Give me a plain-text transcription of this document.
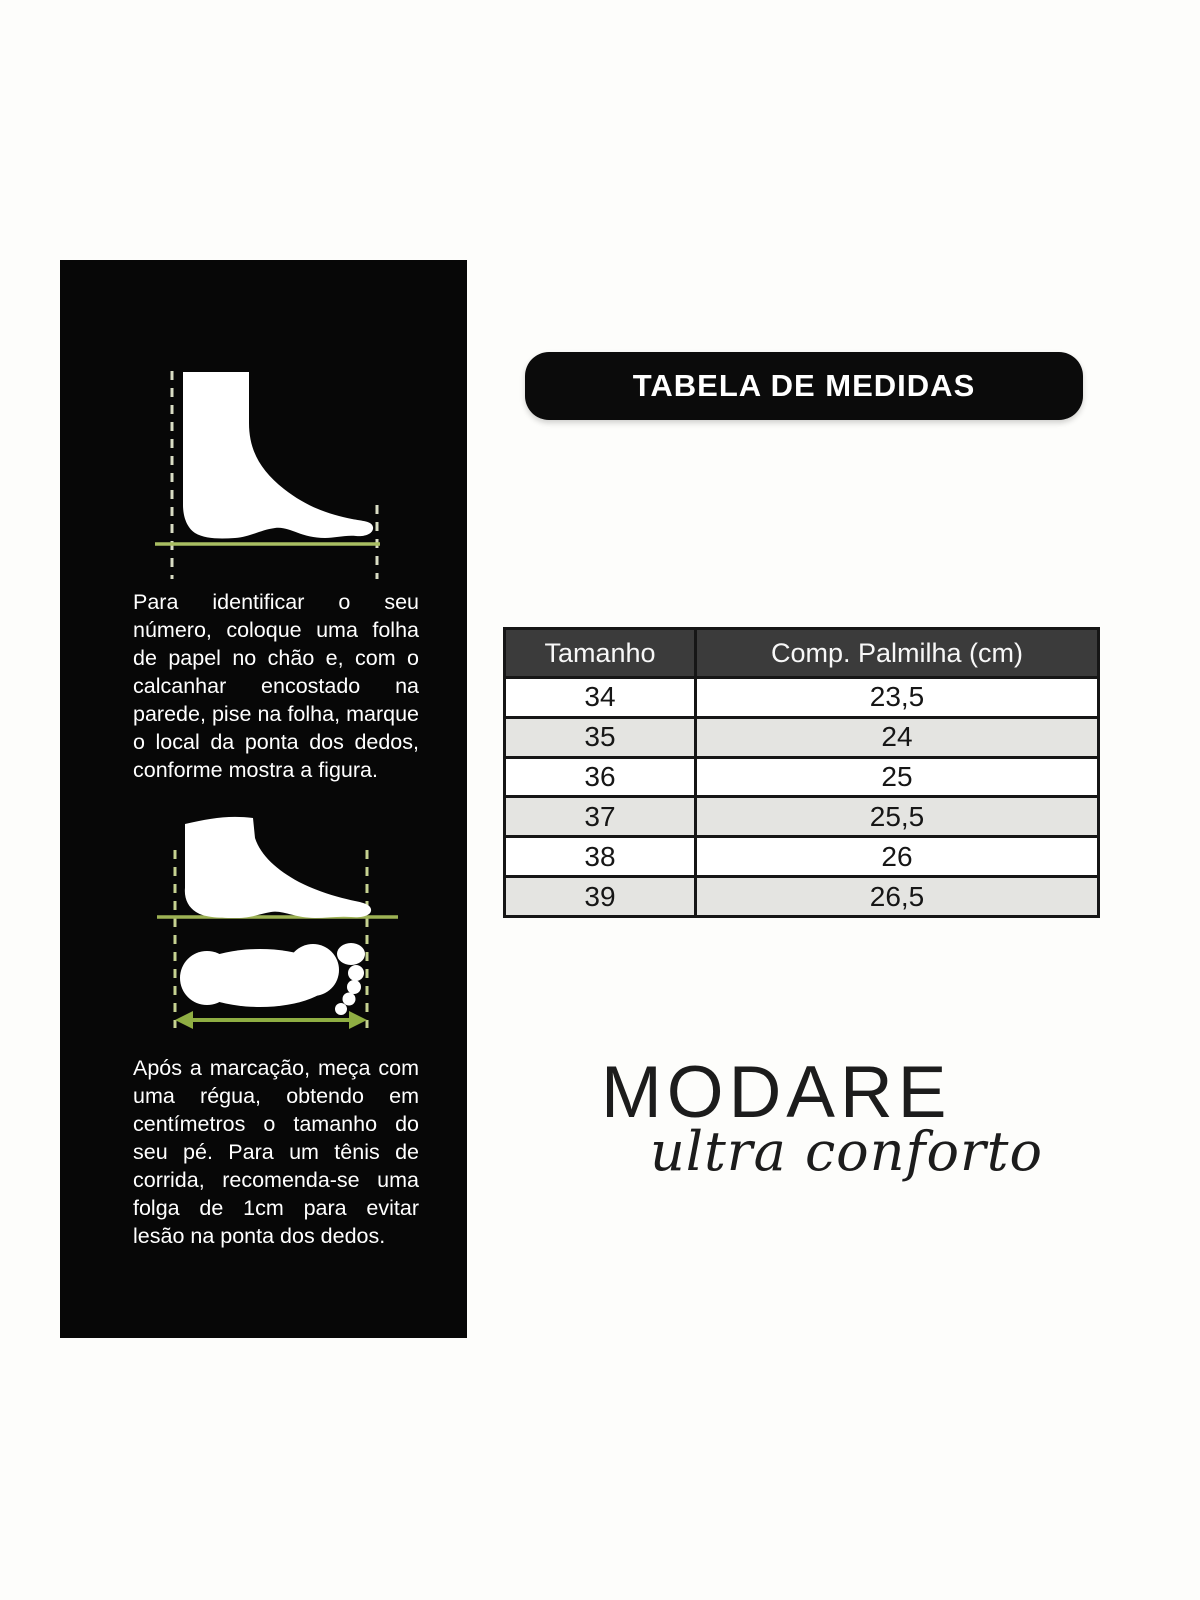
Para identificar o seu número, coloque uma folha de papel no chão e, com o calcanhar encostado na parede, pise na folha, marque o local da ponta dos dedos, conforme mostra a figura.

Após a marcação, meça com uma régua, obtendo em centímetros o tamanho do seu pé. Para um tênis de corrida, recomenda-se uma folga de 1cm para evitar lesão na ponta dos dedos.

TABELA DE MEDIDAS
Tamanho	Comp. Palmilha (cm)
34	23,5
35	24
36	25
37	25,5
38	26
39	26,5
MODARE
ultra conforto
